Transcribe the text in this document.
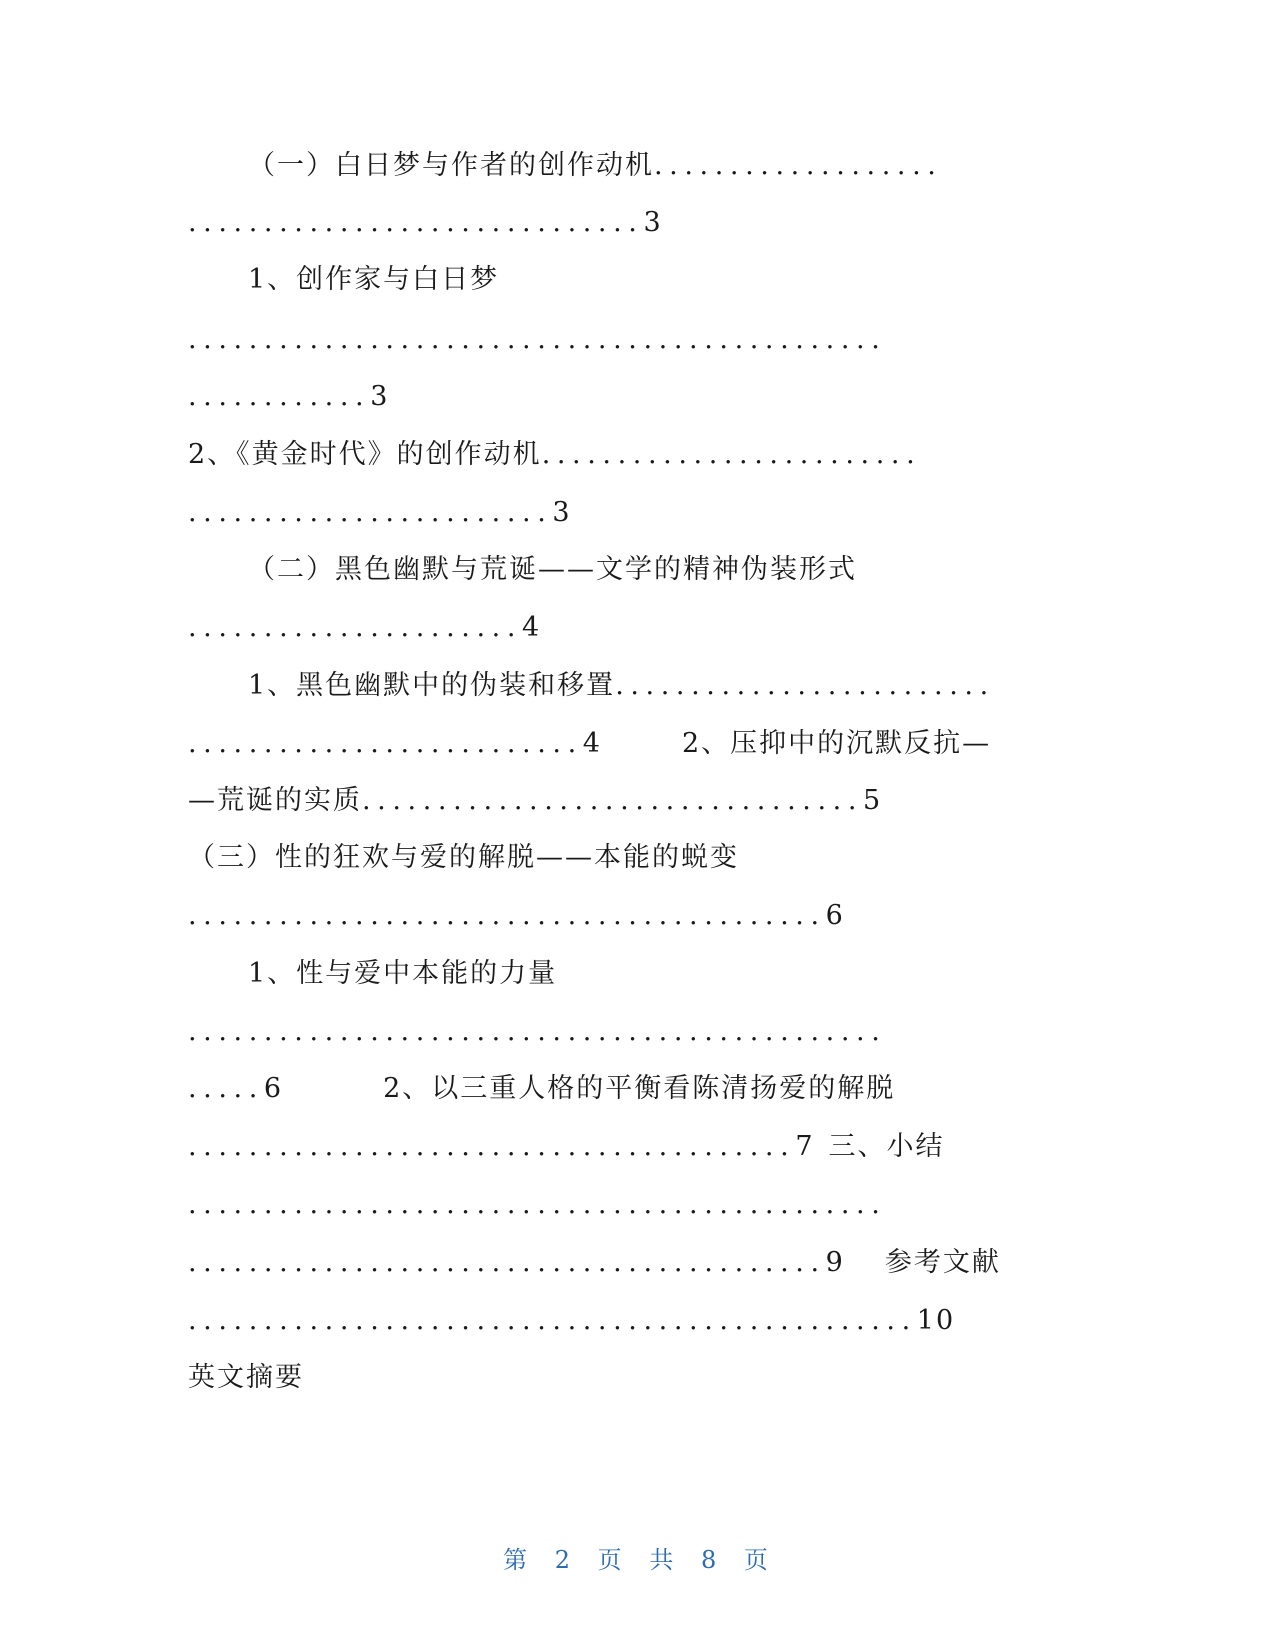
（一）白日梦与作者的创作动机...................
..............................3
1、创作家与白日梦
..............................................
............3
2、《黄金时代》的创作动机.........................
........................3
（二）黑色幽默与荒诞——文学的精神伪装形式
......................4
1、黑色幽默中的伪装和移置.........................
..........................4	2、压抑中的沉默反抗—
—荒诞的实质.................................5
（三）性的狂欢与爱的解脱——本能的蜕变
..........................................6
1、性与爱中本能的力量
..............................................
.....6	2、以三重人格的平衡看陈清扬爱的解脱
........................................7 三、小结
..............................................
..........................................9 参考文献
................................................10
英文摘要
第 2 页 共 8 页
